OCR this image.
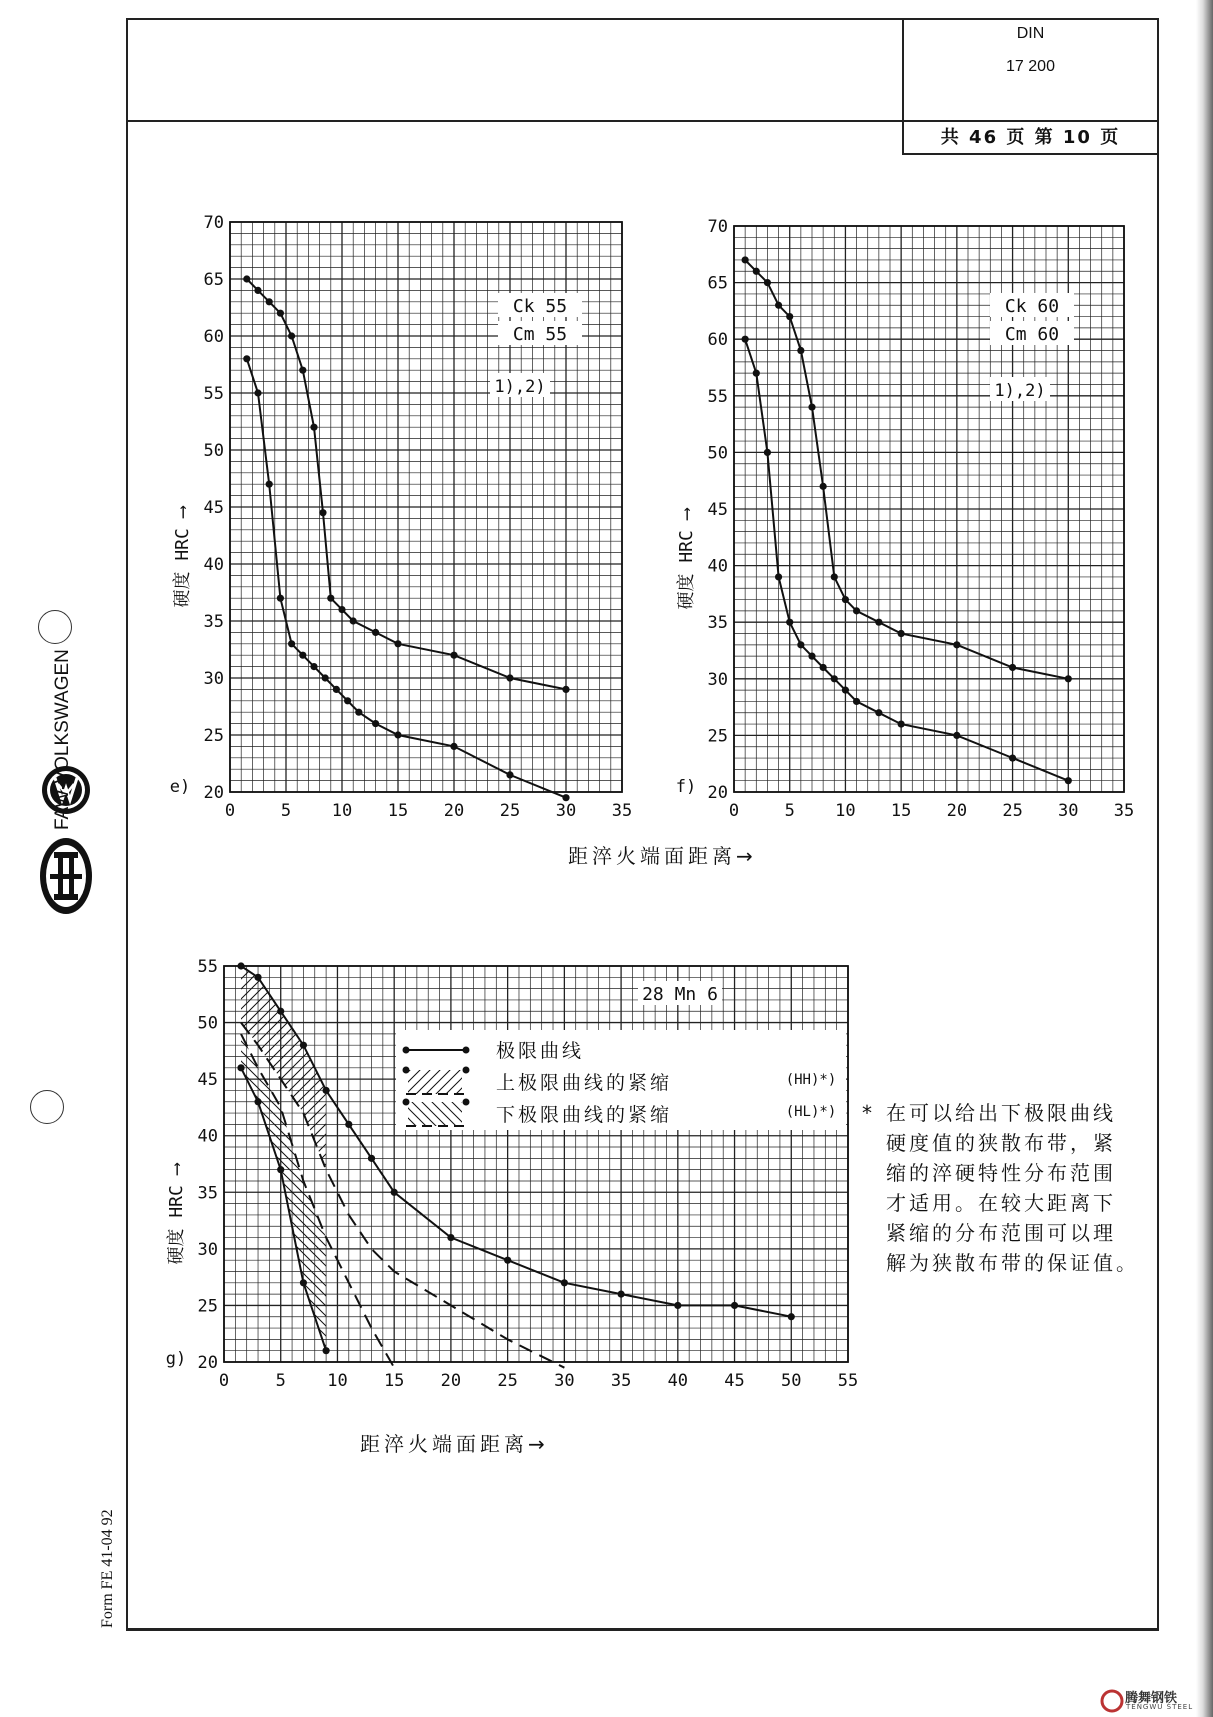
DIN
17 200
共 46 页 第 10 页
FAW-VOLKSWAGEN
Form FE 41-04 92
0	5 10 15 20 25 30 35
20
25
30
35
40
45
50
55
60
65
70
e)
硬度 HRC ⟶
Ck 55
Cm 55
1),2)
0	5 10 15 20 25 30 35
20
25
30
35
40
45
50
55
60
65
70
f)
硬度 HRC ⟶
Ck 60
Cm 60
1),2)
0	5 10 15 20 25 30 35 40 45 50 55
20
25
30
35
40
45
50
55
g)
硬度 HRC ⟶
28 Mn 6
极限曲线
上极限曲线的紧缩	(HH)*)
下极限曲线的紧缩	(HL)*)
距淬火端面距离→
距淬火端面距离→
* 在可以给出下极限曲线
硬度值的狭散布带，紧
缩的淬硬特性分布范围
才适用。在较大距离下
紧缩的分布范围可以理
解为狭散布带的保证值。
腾舞钢铁
TENGWU STEEL
